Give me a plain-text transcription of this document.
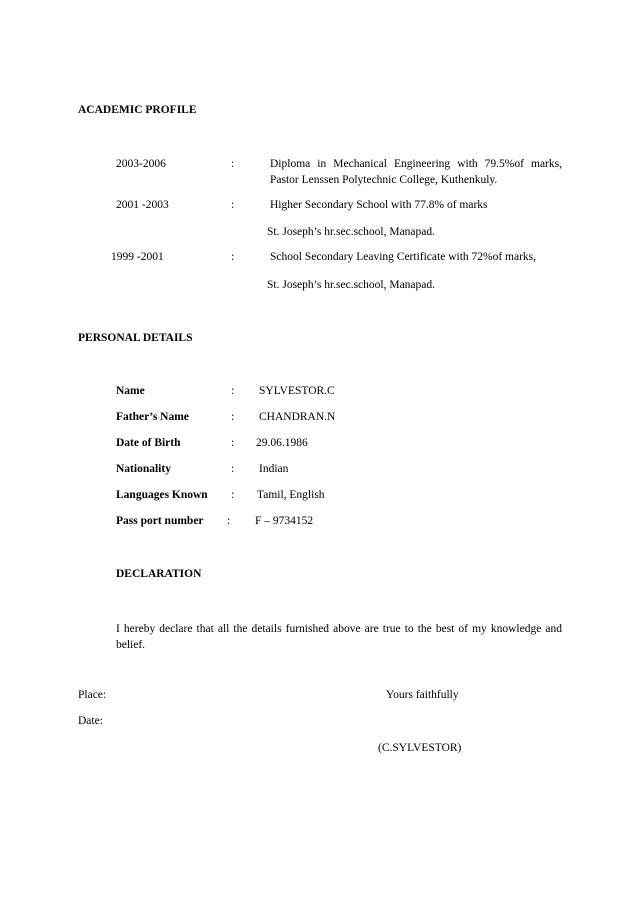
ACADEMIC PROFILE
2003-2006	:	Diploma in Mechanical Engineering with 79.5%of marks,
Pastor Lenssen Polytechnic College, Kuthenkuly.
2001 -2003	:	Higher Secondary School with 77.8% of marks
St. Joseph’s hr.sec.school, Manapad.
1999 -2001	:	School Secondary Leaving Certificate with 72%of marks,
St. Joseph’s hr.sec.school, Manapad.
PERSONAL DETAILS
Name	: SYLVESTOR.C
Father’s Name	: CHANDRAN.N
Date of Birth	: 29.06.1986
Nationality	: Indian
Languages Known : Tamil, English
Pass port number : F – 9734152
DECLARATION
I hereby declare that all the details furnished above are true to the best of my knowledge and belief.
Place:	Yours faithfully
Date:
(C.SYLVESTOR)
